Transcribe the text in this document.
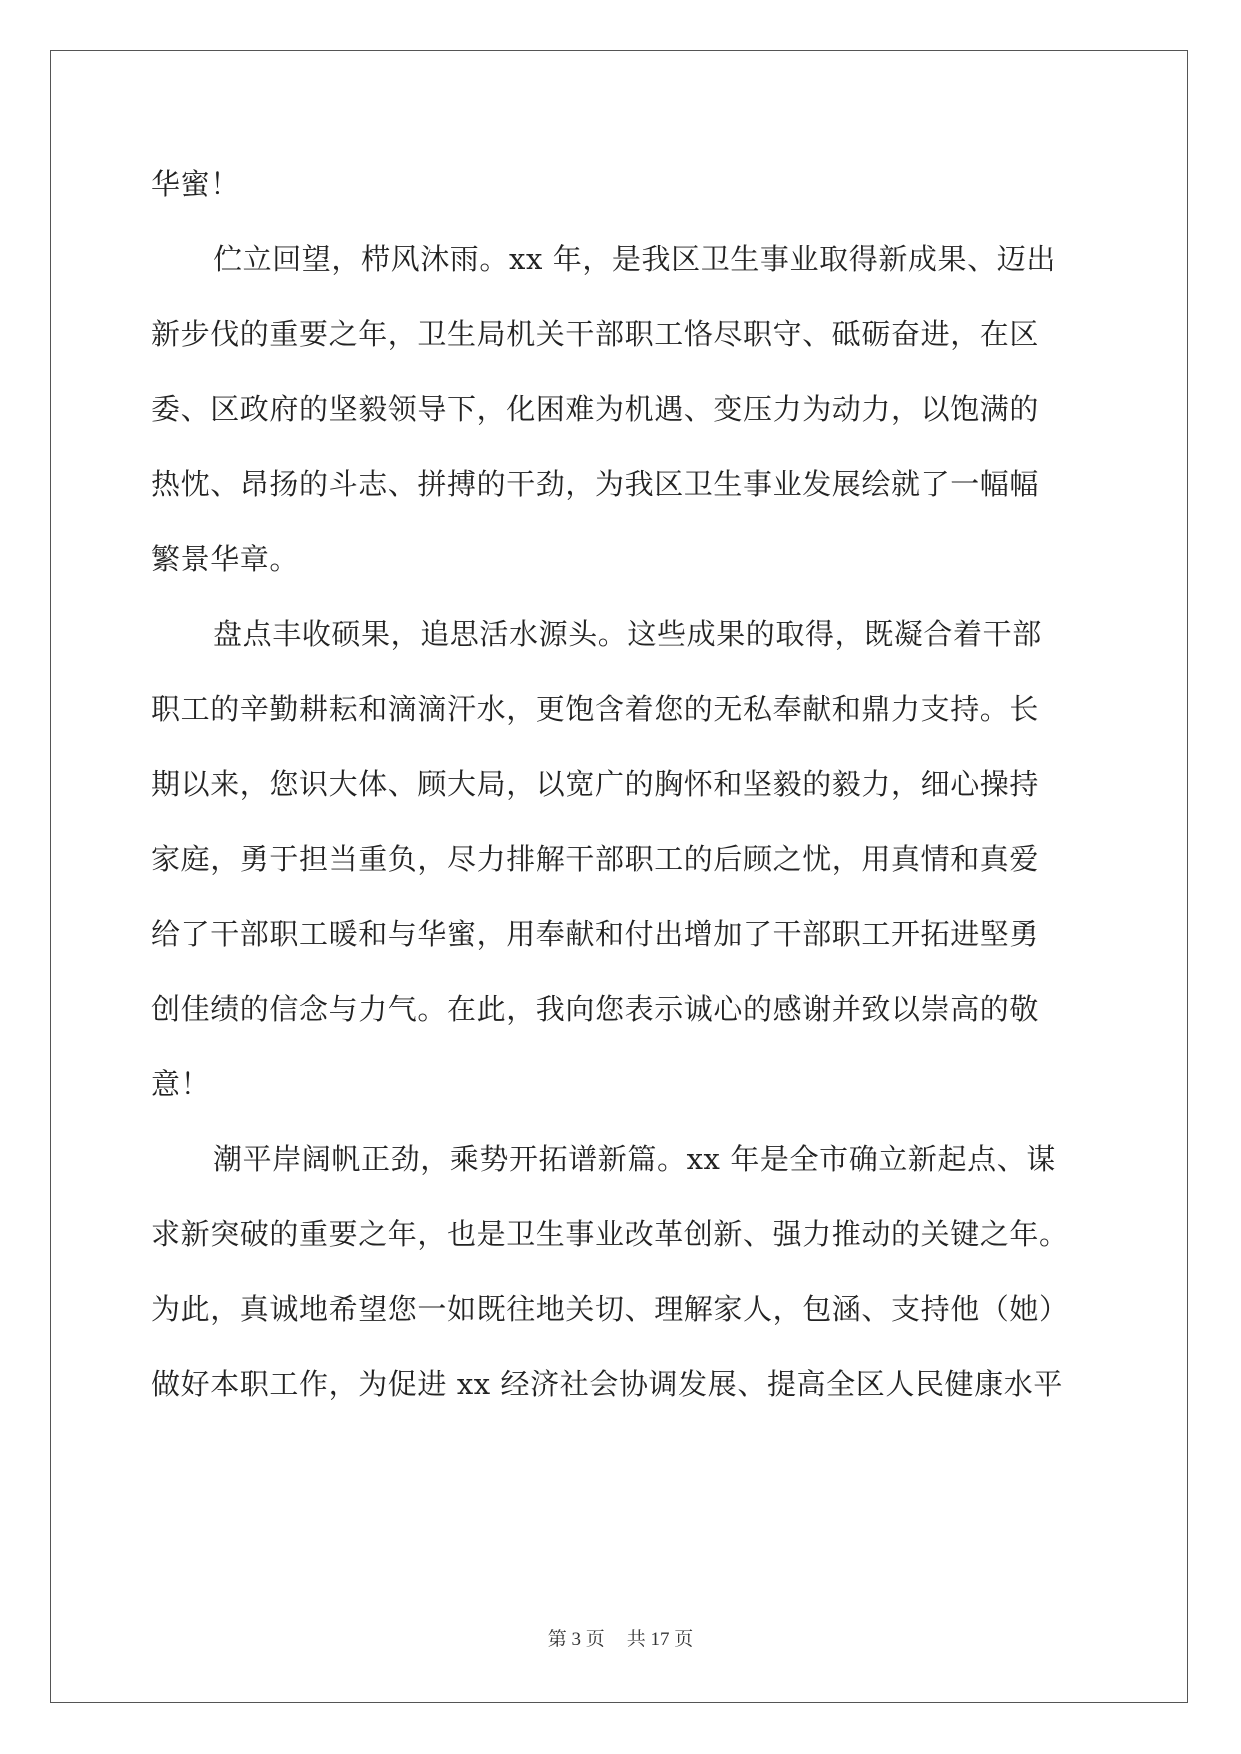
华蜜！
伫立回望，栉风沐雨。xx 年，是我区卫生事业取得新成果、迈出
新步伐的重要之年，卫生局机关干部职工恪尽职守、砥砺奋进，在区
委、区政府的坚毅领导下，化困难为机遇、变压力为动力，以饱满的
热忱、昂扬的斗志、拼搏的干劲，为我区卫生事业发展绘就了一幅幅
繁景华章。
盘点丰收硕果，追思活水源头。这些成果的取得，既凝合着干部
职工的辛勤耕耘和滴滴汗水，更饱含着您的无私奉献和鼎力支持。长
期以来，您识大体、顾大局，以宽广的胸怀和坚毅的毅力，细心操持
家庭，勇于担当重负，尽力排解干部职工的后顾之忧，用真情和真爱
给了干部职工暖和与华蜜，用奉献和付出增加了干部职工开拓进堅勇
创佳绩的信念与力气。在此，我向您表示诚心的感谢并致以崇高的敬
意！
潮平岸阔帆正劲，乘势开拓谱新篇。xx 年是全市确立新起点、谋
求新突破的重要之年，也是卫生事业改革创新、强力推动的关键之年。
为此，真诚地希望您一如既往地关切、理解家人，包涵、支持他（她）
做好本职工作，为促进 xx 经济社会协调发展、提高全区人民健康水平
第 3 页 共 17 页
